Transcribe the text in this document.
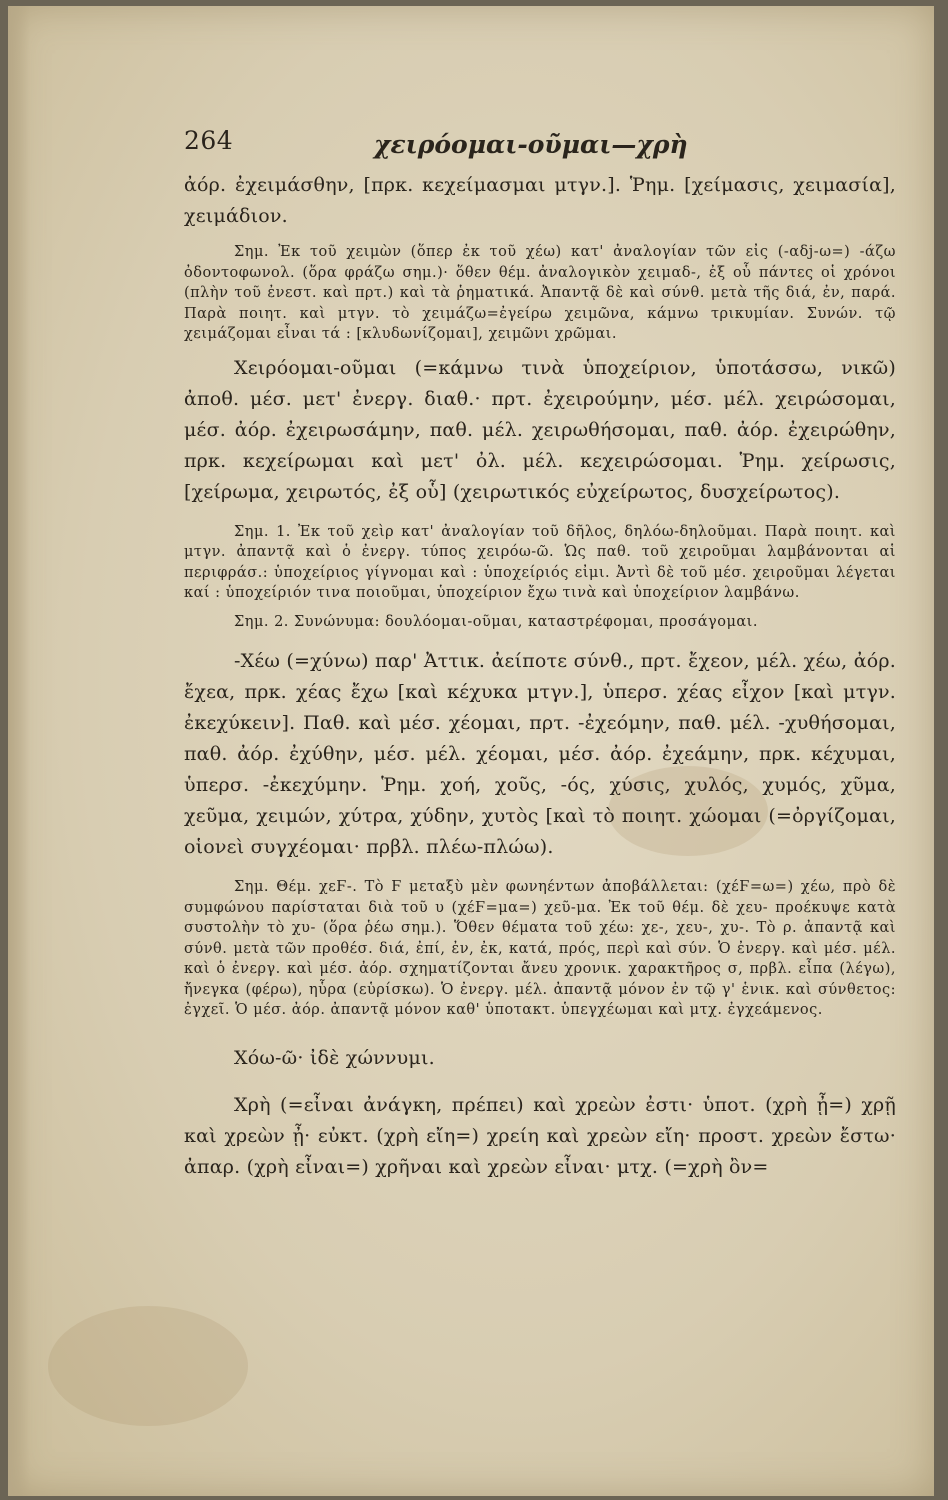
264	χειρόομαι-οῦμαι—χρὴ

ἀόρ. ἐχειμάσθην, [πρκ. κεχείμασμαι μτγν.]. Ῥημ. [χείμασις, χειμασία], χειμάδιον.

Σημ. Ἐκ τοῦ χειμὼν (ὅπερ ἐκ τοῦ χέω) κατ' ἀναλογίαν τῶν εἰς (-αδj-ω=) -άζω ὀδοντοφωνολ. (ὅρα φράζω σημ.)· ὅθεν θέμ. ἀναλογικὸν χειμαδ-, ἐξ οὗ πάντες οἱ χρόνοι (πλὴν τοῦ ἐνεστ. καὶ πρτ.) καὶ τὰ ῥηματικά. Ἀπαντᾷ δὲ καὶ σύνθ. μετὰ τῆς διά, ἐν, παρά. Παρὰ ποιητ. καὶ μτγν. τὸ χειμάζω=ἐγείρω χειμῶνα, κάμνω τρικυμίαν. Συνών. τῷ χειμάζομαι εἶναι τά : [κλυδωνίζομαι], χειμῶνι χρῶμαι.

Χειρόομαι-οῦμαι (=κάμνω τινὰ ὑποχείριον, ὑποτάσσω, νικῶ) ἀποθ. μέσ. μετ' ἐνεργ. διαθ.· πρτ. ἐχειρούμην, μέσ. μέλ. χειρώσομαι, μέσ. ἀόρ. ἐχειρωσάμην, παθ. μέλ. χειρωθήσομαι, παθ. ἀόρ. ἐχειρώθην, πρκ. κεχείρωμαι καὶ μετ' ὀλ. μέλ. κεχειρώσομαι. Ῥημ. χείρωσις, [χείρωμα, χειρωτός, ἐξ οὗ] (χειρωτικός εὐχείρωτος, δυσχείρωτος).

Σημ. 1. Ἐκ τοῦ χεὶρ κατ' ἀναλογίαν τοῦ δῆλος, δηλόω-δηλοῦμαι. Παρὰ ποιητ. καὶ μτγν. ἀπαντᾷ καὶ ὁ ἐνεργ. τύπος χειρόω-ῶ. Ὡς παθ. τοῦ χειροῦμαι λαμβάνονται αἱ περιφράσ.: ὑποχείριος γίγνομαι καὶ : ὑποχείριός εἰμι. Ἀντὶ δὲ τοῦ μέσ. χειροῦμαι λέγεται καί : ὑποχείριόν τινα ποιοῦμαι, ὑποχείριον ἔχω τινὰ καὶ ὑποχείριον λαμβάνω.

Σημ. 2. Συνώνυμα: δουλόομαι-οῦμαι, καταστρέφομαι, προσάγομαι.

-Χέω (=χύνω) παρ' Ἀττικ. ἀείποτε σύνθ., πρτ. ἔχεον, μέλ. χέω, ἀόρ. ἔχεα, πρκ. χέας ἔχω [καὶ κέχυκα μτγν.], ὑπερσ. χέας εἶχον [καὶ μτγν. ἐκεχύκειν]. Παθ. καὶ μέσ. χέομαι, πρτ. -ἐχεόμην, παθ. μέλ. -χυθήσομαι, παθ. ἀόρ. ἐχύθην, μέσ. μέλ. χέομαι, μέσ. ἀόρ. ἐχεάμην, πρκ. κέχυμαι, ὑπερσ. -ἐκεχύμην. Ῥημ. χοή, χοῦς, -ός, χύσις, χυλός, χυμός, χῦμα, χεῦμα, χειμών, χύτρα, χύδην, χυτὸς [καὶ τὸ ποιητ. χώομαι (=ὀργίζομαι, οἱονεὶ συγχέομαι· πρβλ. πλέω-πλώω).

Σημ. Θέμ. χεϜ-. Τὸ Ϝ μεταξὺ μὲν φωνηέντων ἀποβάλλεται: (χέϜ=ω=) χέω, πρὸ δὲ συμφώνου παρίσταται διὰ τοῦ υ (χέϜ=μα=) χεῦ-μα. Ἐκ τοῦ θέμ. δὲ χευ- προέκυψε κατὰ συστολὴν τὸ χυ- (ὅρα ῥέω σημ.). Ὅθεν θέματα τοῦ χέω: χε-, χευ-, χυ-. Τὸ ρ. ἀπαντᾷ καὶ σύνθ. μετὰ τῶν προθέσ. διά, ἐπί, ἐν, ἐκ, κατά, πρός, περὶ καὶ σύν. Ὁ ἐνεργ. καὶ μέσ. μέλ. καὶ ὁ ἐνεργ. καὶ μέσ. ἀόρ. σχηματίζονται ἄνευ χρονικ. χαρακτῆρος σ, πρβλ. εἶπα (λέγω), ἤνεγκα (φέρω), ηὗρα (εὑρίσκω). Ὁ ἐνεργ. μέλ. ἀπαντᾷ μόνον ἐν τῷ γ' ἑνικ. καὶ σύνθετος: ἐγχεῖ. Ὁ μέσ. ἀόρ. ἀπαντᾷ μόνον καθ' ὑποτακτ. ὑπεγχέωμαι καὶ μτχ. ἐγχεάμενος.

Χόω-ῶ· ἰδὲ χώννυμι.

Χρὴ (=εἶναι ἀνάγκη, πρέπει) καὶ χρεὼν ἐστι· ὑποτ. (χρὴ ᾖ=) χρῇ καὶ χρεὼν ᾖ· εὐκτ. (χρὴ εἴη=) χρείη καὶ χρεὼν εἴη· προστ. χρεὼν ἔστω· ἀπαρ. (χρὴ εἶναι=) χρῆναι καὶ χρεὼν εἶναι· μτχ. (=χρὴ ὂν=
